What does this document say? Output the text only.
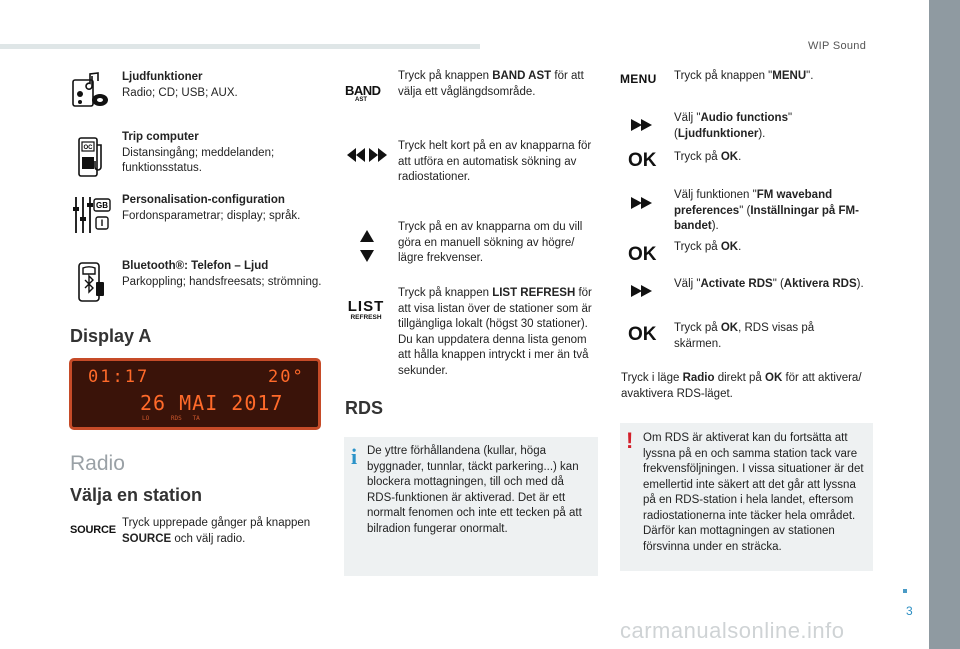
WIP Sound
Ljudfunktioner
Radio; CD; USB; AUX.
OC
Trip computer
Distansingång; meddelanden; funktionsstatus.
GB
I
Personalisation-configuration
Fordonsparametrar; display; språk.
Bluetooth®: Telefon – Ljud
Parkoppling; handsfreesats; strömning.
Display A
01:17	20°
26 MAI 2017
LO      RDS   TA
Radio
Välja en station
SOURCE
Tryck upprepade gånger på knappen SOURCE och välj radio.
BAND
AST
Tryck på knappen BAND AST för att välja ett våglängdsområde.
Tryck helt kort på en av knapparna för att utföra en automatisk sökning av radiostationer.
Tryck på en av knapparna om du vill göra en manuell sökning av högre/ lägre frekvenser.
LIST
REFRESH
Tryck på knappen LIST REFRESH för att visa listan över de stationer som är tillgängliga lokalt (högst 30 stationer).
Du kan uppdatera denna lista genom att hålla knappen intryckt i mer än två sekunder.
RDS
i De yttre förhållandena (kullar, höga byggnader, tunnlar, täckt parkering...) kan blockera mottagningen, till och med då RDS-funktionen är aktiverad. Det är ett normalt fenomen och inte ett tecken på att bilradion fungerar onormalt.
MENU Tryck på knappen "MENU".
Välj "Audio functions" (Ljudfunktioner).
OK Tryck på OK.
Välj funktionen "FM waveband preferences" (Inställningar på FM-bandet).
OK Tryck på OK.
Välj "Activate RDS" (Aktivera RDS).
OK Tryck på OK, RDS visas på skärmen.
Tryck i läge Radio direkt på OK för att aktivera/ avaktivera RDS-läget.
! Om RDS är aktiverat kan du fortsätta att lyssna på en och samma station tack vare frekvensföljningen. I vissa situationer är det emellertid inte säkert att det går att lyssna på en RDS-station i hela landet, eftersom radiostationerna inte täcker hela området. Därför kan mottagningen av stationen försvinna under en sträcka.
3
carmanualsonline.info
